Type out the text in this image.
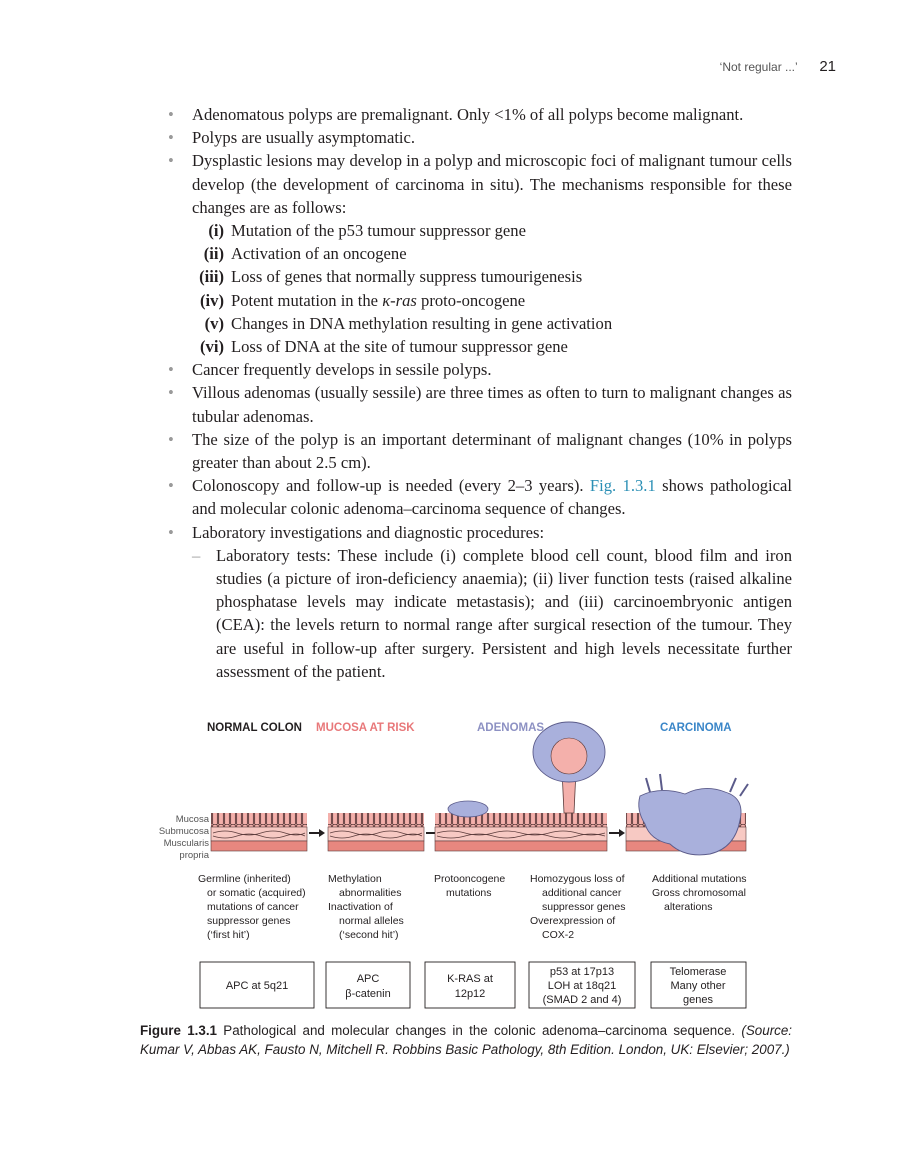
‘Not regular ...’ 21
• Adenomatous polyps are premalignant. Only <1% of all polyps become malignant.
• Polyps are usually asymptomatic.
• Dysplastic lesions may develop in a polyp and microscopic foci of malignant tumour cells develop (the development of carcinoma in situ). The mechanisms responsible for these changes are as follows:
(i) Mutation of the p53 tumour suppressor gene
(ii) Activation of an oncogene
(iii) Loss of genes that normally suppress tumourigenesis
(iv) Potent mutation in the κ-ras proto-oncogene
(v) Changes in DNA methylation resulting in gene activation
(vi) Loss of DNA at the site of tumour suppressor gene
• Cancer frequently develops in sessile polyps.
• Villous adenomas (usually sessile) are three times as often to turn to malignant changes as tubular adenomas.
• The size of the polyp is an important determinant of malignant changes (10% in polyps greater than about 2.5 cm).
• Colonoscopy and follow-up is needed (every 2–3 years). Fig. 1.3.1 shows pathological and molecular colonic adenoma–carcinoma sequence of changes.
• Laboratory investigations and diagnostic procedures:
– Laboratory tests: These include (i) complete blood cell count, blood film and iron studies (a picture of iron-deficiency anaemia); (ii) liver function tests (raised alkaline phosphatase levels may indicate metastasis); and (iii) carcinoembryonic antigen (CEA): the levels return to normal range after surgical resection of the tumour. They are useful in follow-up after surgery. Persistent and high levels necessitate further assessment of the patient.
NORMAL COLON MUCOSA AT RISK	ADENOMAS	CARCINOMA
Mucosa
Submucosa
Muscularis
propria
Germline (inherited) or somatic (acquired) mutations of cancer suppressor genes (‘first hit’)
Methylation abnormalities Inactivation of normal alleles (‘second hit’)
Protooncogene mutations
Homozygous loss of additional cancer suppressor genes Overexpression of COX-2
Additional mutations Gross chromosomal alterations
APC at 5q21
APC
β-catenin
K-RAS at
12p12
p53 at 17p13
LOH at 18q21
(SMAD 2 and 4)
Telomerase
Many other
genes
Figure 1.3.1 Pathological and molecular changes in the colonic adenoma–carcinoma sequence. (Source: Kumar V, Abbas AK, Fausto N, Mitchell R. Robbins Basic Pathology, 8th Edition. London, UK: Elsevier; 2007.)
